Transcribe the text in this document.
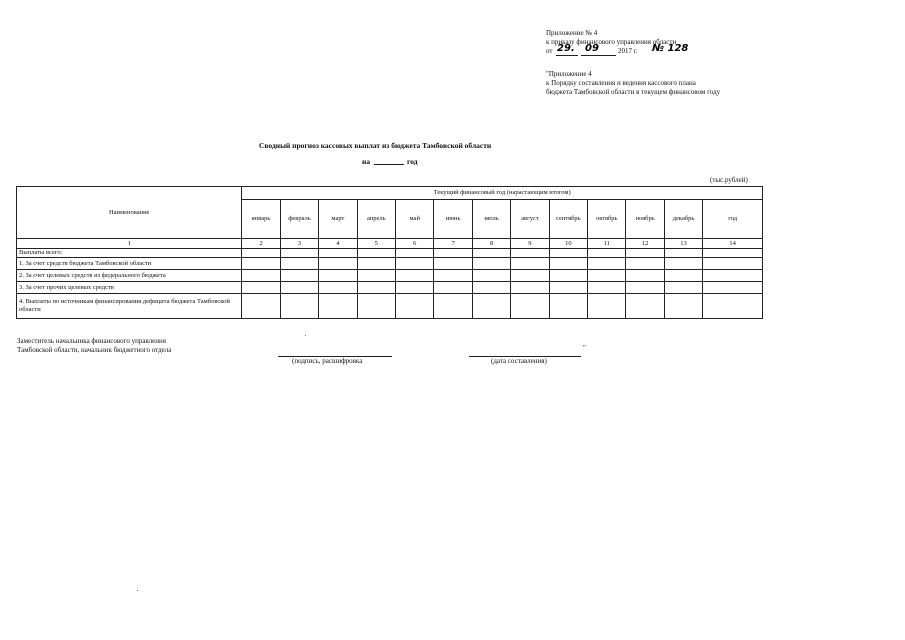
Приложение № 4
к приказу финансового управления области
от 29. 09	2017 г. № 128
"Приложение 4
к Порядку составления и ведения кассового плана
бюджета Тамбовской области в текущем финансовом году
Сводный прогноз кассовых выплат из бюджета Тамбовской области
на	год
(тыс.рублей)
Наименование	Текущий финансовый год (нарастающим итогом)												
	январь	февраль	март	апрель	май	июнь	июль	август	сентябрь	октябрь	ноябрь	декабрь	год
1	2	3	4	5	6	7	8	9	10	11	12	13	14
Выплаты всего:													
1. За счет средств бюджета Тамбовской области													
2. За счет целевых средств из федерального бюджета													
3. За счет прочих целевых средств													
4. Выплаты по источникам финансирования дефицита бюджета Тамбовской области													
Заместитель начальника финансового управления
Тамбовской области, начальник бюджетного отдела
(подпись, расшифровка
"
(дата составления)
